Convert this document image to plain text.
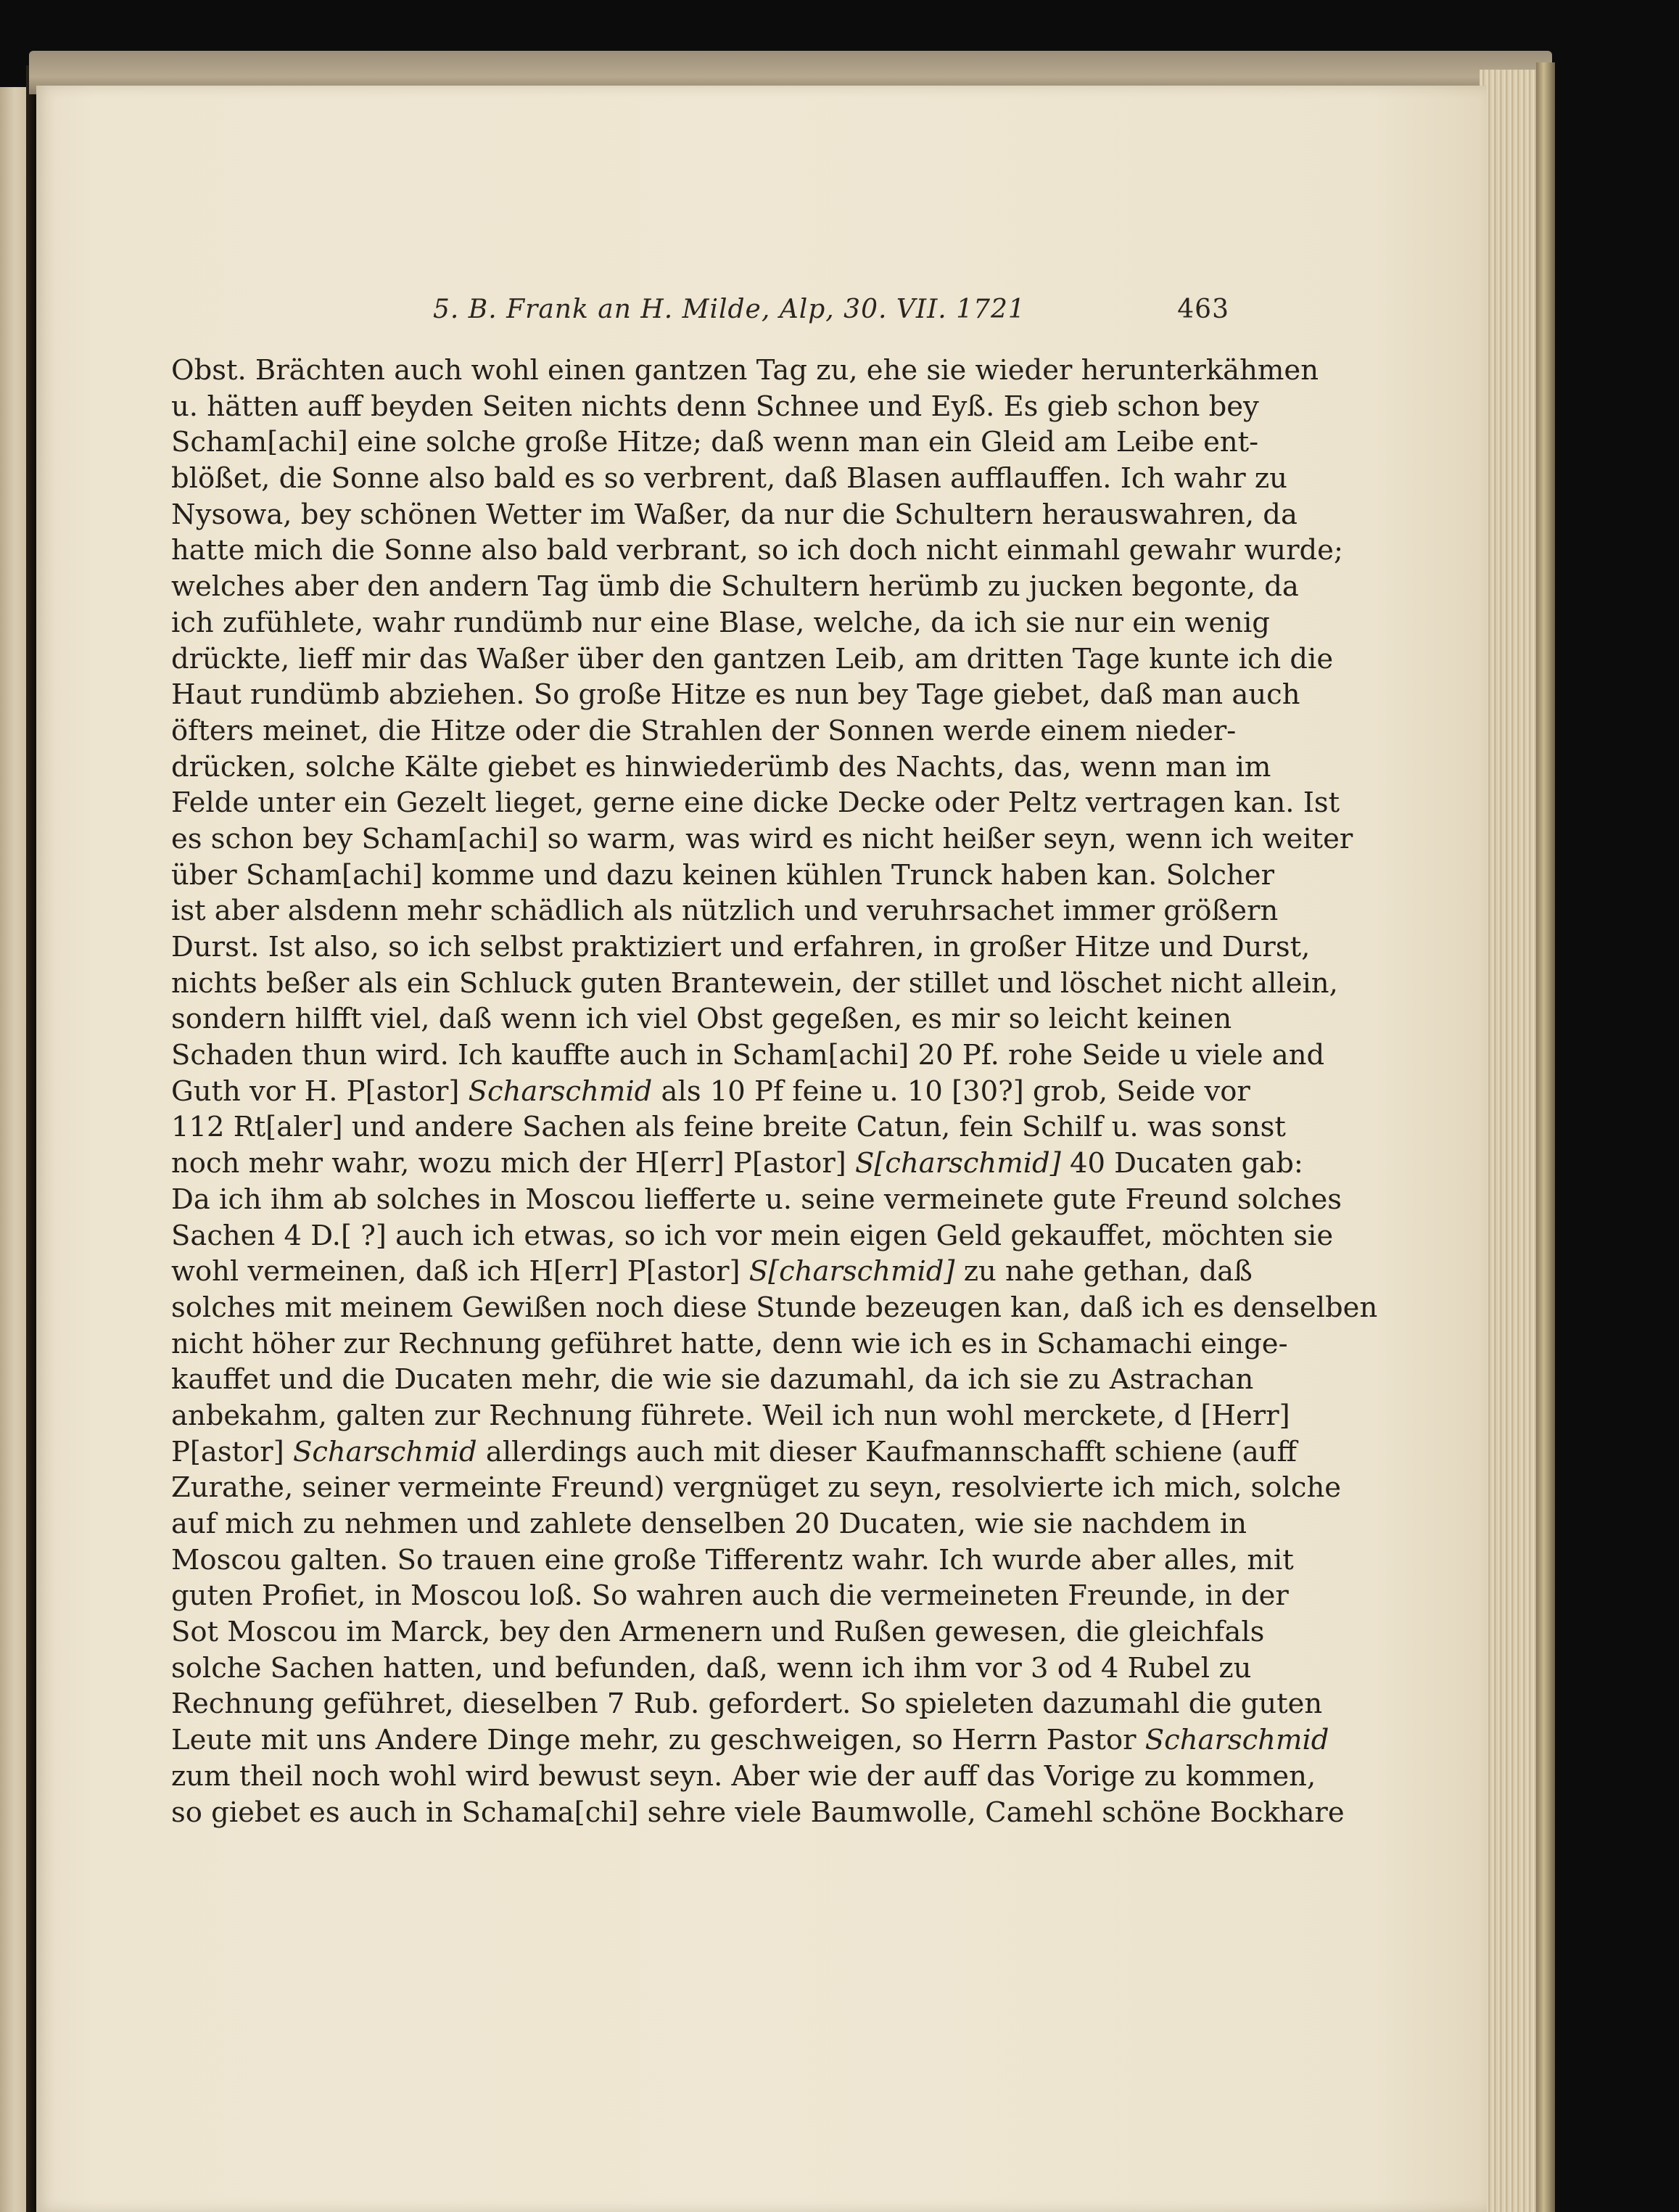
5. B. Frank an H. Milde, Alp, 30. VII. 1721	463
Obst. Brächten auch wohl einen gantzen Tag zu, ehe sie wieder herunterkähmen
u. hätten auff beyden Seiten nichts denn Schnee und Eyß. Es gieb schon bey
Scham[achi] eine solche große Hitze; daß wenn man ein Gleid am Leibe ent-
blößet, die Sonne also bald es so verbrent, daß Blasen aufflauffen. Ich wahr zu
Nysowa, bey schönen Wetter im Waßer, da nur die Schultern herauswahren, da
hatte mich die Sonne also bald verbrant, so ich doch nicht einmahl gewahr wurde;
welches aber den andern Tag ümb die Schultern herümb zu jucken begonte, da
ich zufühlete, wahr rundümb nur eine Blase, welche, da ich sie nur ein wenig
drückte, lieff mir das Waßer über den gantzen Leib, am dritten Tage kunte ich die
Haut rundümb abziehen. So große Hitze es nun bey Tage giebet, daß man auch
öfters meinet, die Hitze oder die Strahlen der Sonnen werde einem nieder-
drücken, solche Kälte giebet es hinwiederümb des Nachts, das, wenn man im
Felde unter ein Gezelt lieget, gerne eine dicke Decke oder Peltz vertragen kan. Ist
es schon bey Scham[achi] so warm, was wird es nicht heißer seyn, wenn ich weiter
über Scham[achi] komme und dazu keinen kühlen Trunck haben kan. Solcher
ist aber alsdenn mehr schädlich als nützlich und veruhrsachet immer größern
Durst. Ist also, so ich selbst praktiziert und erfahren, in großer Hitze und Durst,
nichts beßer als ein Schluck guten Brantewein, der stillet und löschet nicht allein,
sondern hilfft viel, daß wenn ich viel Obst gegeßen, es mir so leicht keinen
Schaden thun wird. Ich kauffte auch in Scham[achi] 20 Pf. rohe Seide u viele and
Guth vor H. P[astor] Scharschmid als 10 Pf feine u. 10 [30?] grob, Seide vor
112 Rt[aler] und andere Sachen als feine breite Catun, fein Schilf u. was sonst
noch mehr wahr, wozu mich der H[err] P[astor] S[charschmid] 40 Ducaten gab:
Da ich ihm ab solches in Moscou liefferte u. seine vermeinete gute Freund solches
Sachen 4 D.[ ?] auch ich etwas, so ich vor mein eigen Geld gekauffet, möchten sie
wohl vermeinen, daß ich H[err] P[astor] S[charschmid] zu nahe gethan, daß
solches mit meinem Gewißen noch diese Stunde bezeugen kan, daß ich es denselben
nicht höher zur Rechnung geführet hatte, denn wie ich es in Schamachi einge-
kauffet und die Ducaten mehr, die wie sie dazumahl, da ich sie zu Astrachan
anbekahm, galten zur Rechnung führete. Weil ich nun wohl merckete, d [Herr]
P[astor] Scharschmid allerdings auch mit dieser Kaufmannschafft schiene (auff
Zurathe, seiner vermeinte Freund) vergnüget zu seyn, resolvierte ich mich, solche
auf mich zu nehmen und zahlete denselben 20 Ducaten, wie sie nachdem in
Moscou galten. So trauen eine große Tifferentz wahr. Ich wurde aber alles, mit
guten Profiet, in Moscou loß. So wahren auch die vermeineten Freunde, in der
Sot Moscou im Marck, bey den Armenern und Rußen gewesen, die gleichfals
solche Sachen hatten, und befunden, daß, wenn ich ihm vor 3 od 4 Rubel zu
Rechnung geführet, dieselben 7 Rub. gefordert. So spieleten dazumahl die guten
Leute mit uns Andere Dinge mehr, zu geschweigen, so Herrn Pastor Scharschmid
zum theil noch wohl wird bewust seyn. Aber wie der auff das Vorige zu kommen,
so giebet es auch in Schama[chi] sehre viele Baumwolle, Camehl schöne Bockhare
